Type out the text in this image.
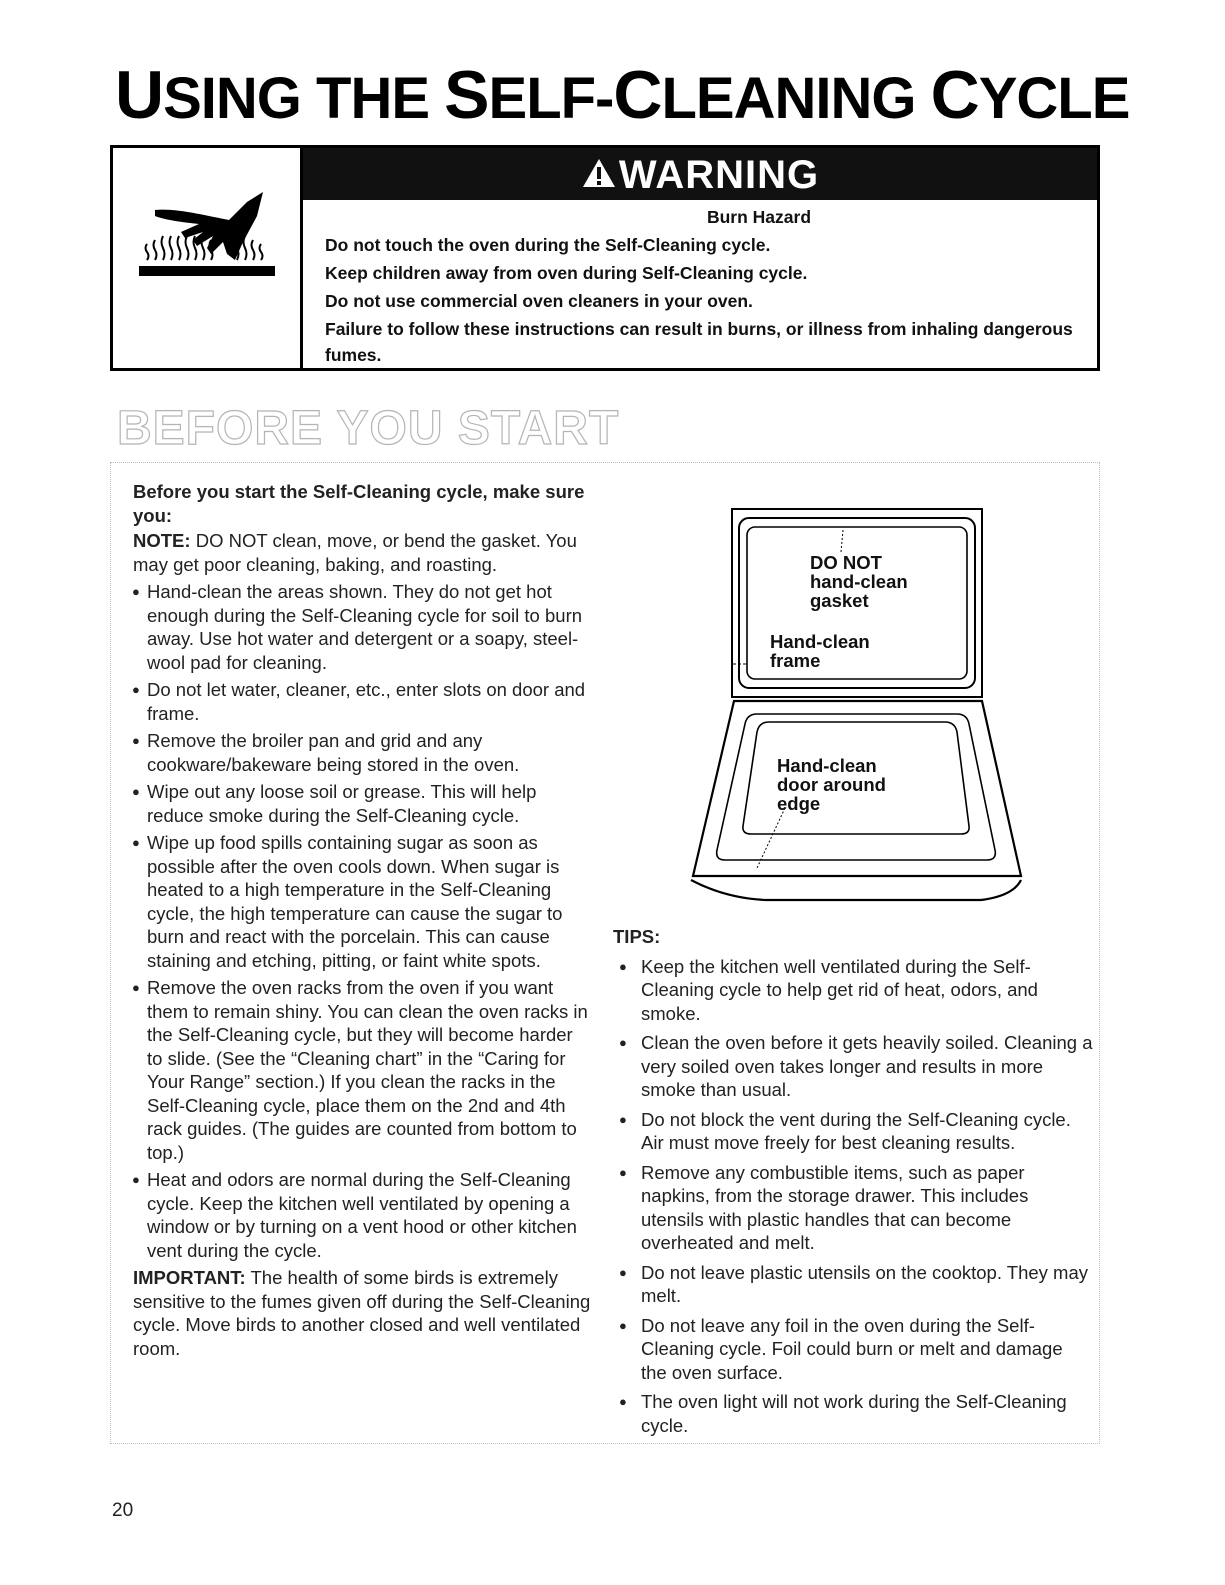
USING THE SELF-CLEANING CYCLE
WARNING

Burn Hazard

Do not touch the oven during the Self-Cleaning cycle.

Keep children away from oven during Self-Cleaning cycle.

Do not use commercial oven cleaners in your oven.

Failure to follow these instructions can result in burns, or illness from inhaling dangerous fumes.

BEFORE YOU START

Before you start the Self-Cleaning cycle, make sure you:

NOTE: DO NOT clean, move, or bend the gasket. You may get poor cleaning, baking, and roasting.

● Hand-clean the areas shown. They do not get hot enough during the Self-Cleaning cycle for soil to burn away. Use hot water and detergent or a soapy, steel-wool pad for cleaning.
● Do not let water, cleaner, etc., enter slots on door and frame.
● Remove the broiler pan and grid and any cookware/bakeware being stored in the oven.
● Wipe out any loose soil or grease. This will help reduce smoke during the Self-Cleaning cycle.
● Wipe up food spills containing sugar as soon as possible after the oven cools down. When sugar is heated to a high temperature in the Self-Cleaning cycle, the high temperature can cause the sugar to burn and react with the porcelain. This can cause staining and etching, pitting, or faint white spots.
● Remove the oven racks from the oven if you want them to remain shiny. You can clean the oven racks in the Self-Cleaning cycle, but they will become harder to slide. (See the “Cleaning chart” in the “Caring for Your Range” section.) If you clean the racks in the Self-Cleaning cycle, place them on the 2nd and 4th rack guides. (The guides are counted from bottom to top.)
● Heat and odors are normal during the Self-Cleaning cycle. Keep the kitchen well ventilated by opening a window or by turning on a vent hood or other kitchen vent during the cycle.

IMPORTANT: The health of some birds is extremely sensitive to the fumes given off during the Self-Cleaning cycle. Move birds to another closed and well ventilated room.

DO NOT
hand-clean
gasket
Hand-clean
frame
Hand-clean
door around
edge

TIPS:

● Keep the kitchen well ventilated during the Self-Cleaning cycle to help get rid of heat, odors, and smoke.
● Clean the oven before it gets heavily soiled. Cleaning a very soiled oven takes longer and results in more smoke than usual.
● Do not block the vent during the Self-Cleaning cycle. Air must move freely for best cleaning results.
● Remove any combustible items, such as paper napkins, from the storage drawer. This includes utensils with plastic handles that can become overheated and melt.
● Do not leave plastic utensils on the cooktop. They may melt.
● Do not leave any foil in the oven during the Self-Cleaning cycle. Foil could burn or melt and damage the oven surface.
● The oven light will not work during the Self-Cleaning cycle.
20
